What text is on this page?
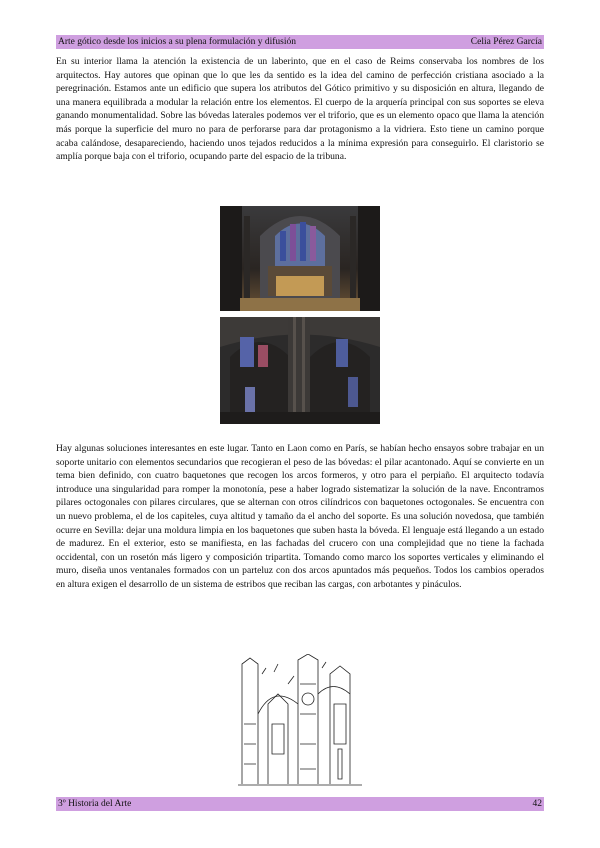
Arte gótico desde los inicios a su plena formulación y difusión	Celia Pérez García

En su interior llama la atención la existencia de un laberinto, que en el caso de Reims conservaba los nombres de los arquitectos. Hay autores que opinan que lo que les da sentido es la idea del camino de perfección cristiana asociado a la peregrinación. Estamos ante un edificio que supera los atributos del Gótico primitivo y su disposición en altura, llegando de una manera equilibrada a modular la relación entre los elementos. El cuerpo de la arquería principal con sus soportes se eleva ganando monumentalidad. Sobre las bóvedas laterales podemos ver el triforio, que es un elemento opaco que llama la atención más porque la superficie del muro no para de perforarse para dar protagonismo a la vidriera. Esto tiene un camino porque acaba calándose, desapareciendo, haciendo unos tejados reducidos a la mínima expresión para conseguirlo. El claristorio se amplía porque baja con el triforio, ocupando parte del espacio de la tribuna.

Hay algunas soluciones interesantes en este lugar. Tanto en Laon como en París, se habían hecho ensayos sobre trabajar en un soporte unitario con elementos secundarios que recogieran el peso de las bóvedas: el pilar acantonado. Aquí se convierte en un tema bien definido, con cuatro baquetones que recogen los arcos formeros, y otro para el perpiaño. El arquitecto todavía introduce una singularidad para romper la monotonía, pese a haber logrado sistematizar la solución de la nave. Encontramos pilares octogonales con pilares circulares, que se alternan con otros cilíndricos con baquetones octogonales. Se encuentra con un nuevo problema, el de los capiteles, cuya altitud y tamaño da el ancho del soporte. Es una solución novedosa, que también ocurre en Sevilla: dejar una moldura limpia en los baquetones que suben hasta la bóveda. El lenguaje está llegando a un estado de madurez. En el exterior, esto se manifiesta, en las fachadas del crucero con una complejidad que no tiene la fachada occidental, con un rosetón más ligero y composición tripartita. Tomando como marco los soportes verticales y eliminando el muro, diseña unos ventanales formados con un parteluz con dos arcos apuntados más pequeños. Todos los cambios operados en altura exigen el desarrollo de un sistema de estribos que reciban las cargas, con arbotantes y pináculos.

3º Historia del Arte	42
